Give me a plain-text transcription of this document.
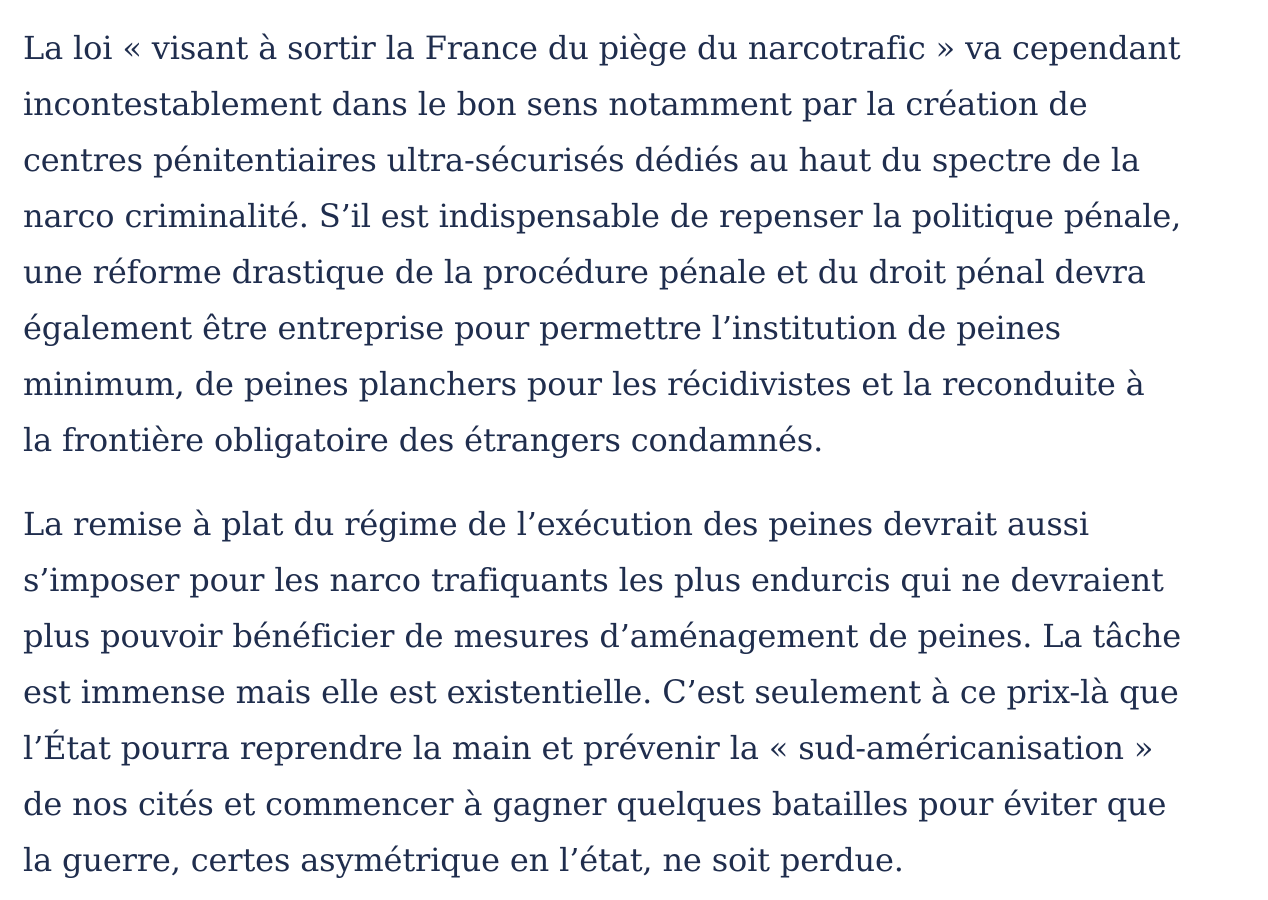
La loi « visant à sortir la France du piège du narcotrafic » va cependant
incontestablement dans le bon sens notamment par la création de
centres pénitentiaires ultra-sécurisés dédiés au haut du spectre de la
narco criminalité. S’il est indispensable de repenser la politique pénale,
une réforme drastique de la procédure pénale et du droit pénal devra
également être entreprise pour permettre l’institution de peines
minimum, de peines planchers pour les récidivistes et la reconduite à
la frontière obligatoire des étrangers condamnés.

La remise à plat du régime de l’exécution des peines devrait aussi
s’imposer pour les narco trafiquants les plus endurcis qui ne devraient
plus pouvoir bénéficier de mesures d’aménagement de peines. La tâche
est immense mais elle est existentielle. C’est seulement à ce prix-là que
l’État pourra reprendre la main et prévenir la « sud-américanisation »
de nos cités et commencer à gagner quelques batailles pour éviter que
la guerre, certes asymétrique en l’état, ne soit perdue.
